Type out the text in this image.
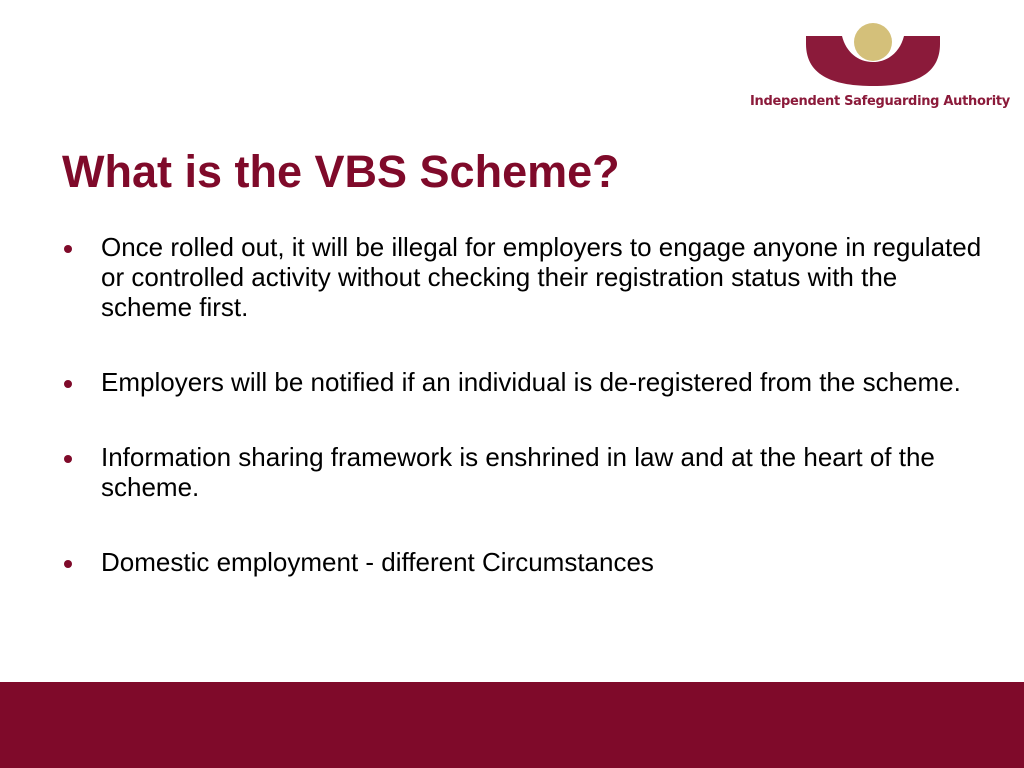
Independent Safeguarding Authority
What is the VBS Scheme?
Once rolled out, it will be illegal for employers to engage anyone in regulated or controlled activity without checking their registration status with the scheme first.
Employers will be notified if an individual is de-registered from the scheme.
Information sharing framework is enshrined in law and at the heart of the scheme.
Domestic employment - different Circumstances
